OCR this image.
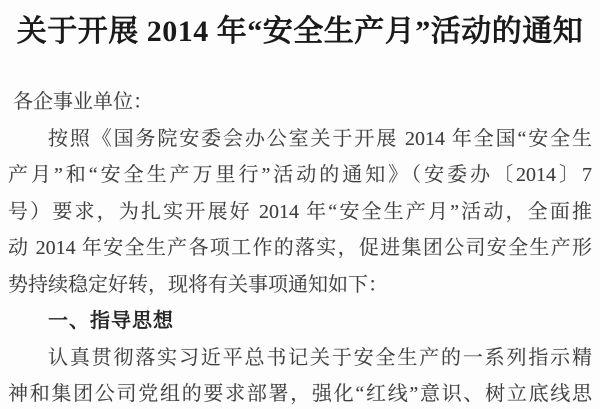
关于开展 2014 年“安全生产月”活动的通知
各企事业单位：
按照《国务院安委会办公室关于开展 2014 年全国“安全生
产月”和“安全生产万里行”活动的通知》（安委办〔2014〕7
号）要求，为扎实开展好 2014 年“安全生产月”活动，全面推
动 2014 年安全生产各项工作的落实，促进集团公司安全生产形
势持续稳定好转，现将有关事项通知如下：
一、指导思想
认真贯彻落实习近平总书记关于安全生产的一系列指示精
神和集团公司党组的要求部署，强化“红线”意识、树立底线思
